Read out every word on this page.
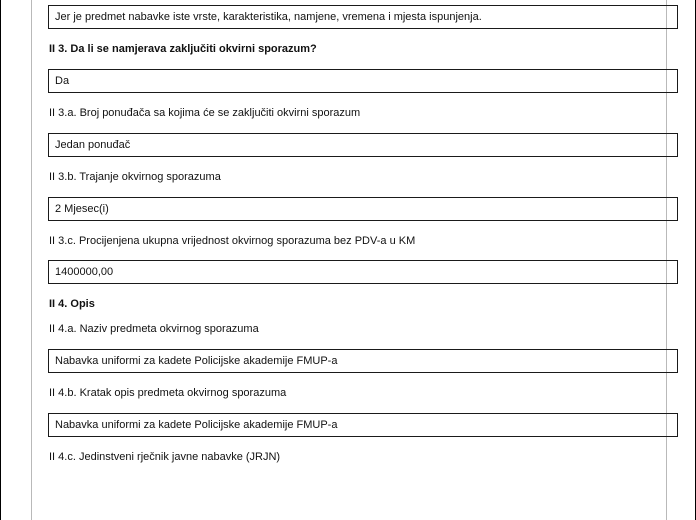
Jer je predmet nabavke iste vrste, karakteristika, namjene, vremena i mjesta ispunjenja.
II 3. Da li se namjerava zaključiti okvirni sporazum?
Da
II 3.a. Broj ponuđača sa kojima će se zaključiti okvirni sporazum
Jedan ponuđač
II 3.b. Trajanje okvirnog sporazuma
2 Mjesec(i)
II 3.c. Procijenjena ukupna vrijednost okvirnog sporazuma bez PDV-a u KM
1400000,00
II 4. Opis
II 4.a. Naziv predmeta okvirnog sporazuma
Nabavka uniformi za kadete Policijske akademije FMUP-a
II 4.b. Kratak opis predmeta okvirnog sporazuma
Nabavka uniformi za kadete Policijske akademije FMUP-a
II 4.c. Jedinstveni rječnik javne nabavke (JRJN)
